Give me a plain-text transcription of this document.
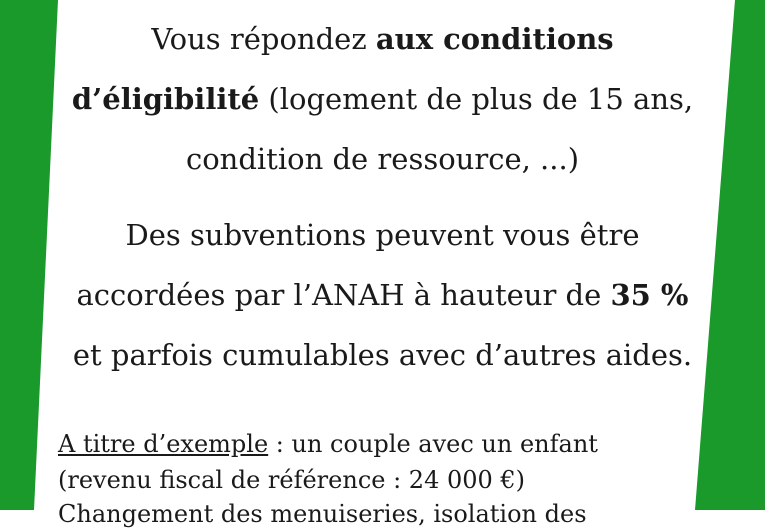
Vous répondez aux conditions
d’éligibilité (logement de plus de 15 ans,
condition de ressource, ...)
Des subventions peuvent vous être
accordées par l’ANAH à hauteur de 35 %
et parfois cumulables avec d’autres aides.
A titre d’exemple : un couple avec un enfant
(revenu fiscal de référence : 24 000 €)
Changement des menuiseries, isolation des
